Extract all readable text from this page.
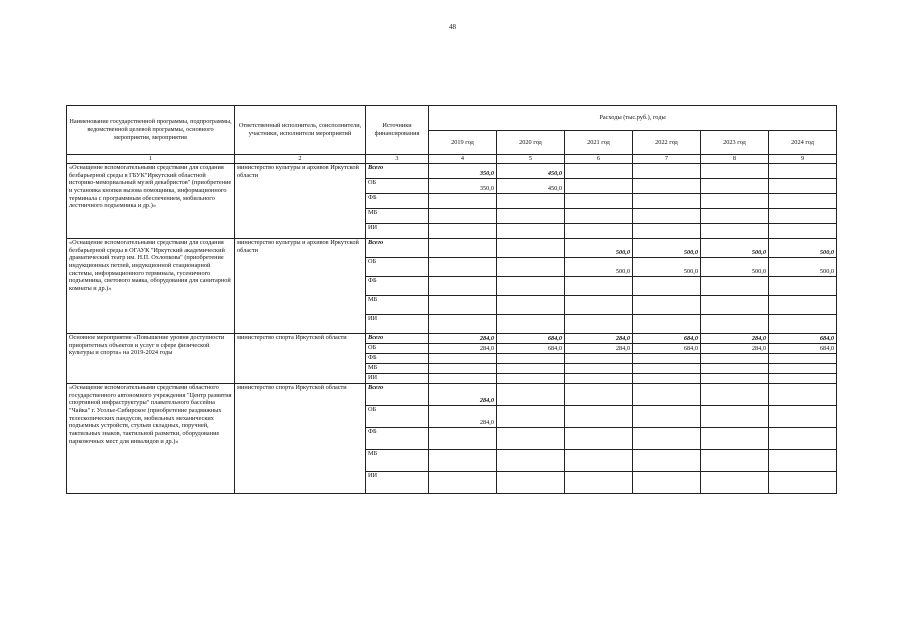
48
Наименование государственной программы, подпрограммы, ведомственной целевой программы, основного мероприятия, мероприятия	Ответственный исполнитель, соисполнители, участники, исполнители мероприятий	Источники финансирования	Расходы (тыс.руб.), годы					
			2019 год	2020 год	2021 год	2022 год	2023 год	2024 год
1	2	3	4	5	6	7	8	9
«Оснащение вспомогательными средствами для создания безбарьерной среды в ГБУК"Иркутский областной историко-мемориальный музей декабристов" (приобретение и установка кнопки вызова помощника, информационного терминала с программным обеспечением, мобильного лестничного подъемника и др.)»	министерство культуры и архивов Иркутской области	Всего	350,0	450,0				
		ОБ	350,0	450,0				
		ФБ						
		МБ						
		ИИ						
«Оснащение вспомогательными средствами для создания безбарьерной среды в ОГАУК "Иркутский академический драматический театр им. Н.П. Охлопкова" (приобретение индукционных петлей, индукционной стационарной системы, информационного терминала, гусеничного подъемника, светового маяка, оборудования для санитарной комнаты и др.)»	министерство культуры и архивов Иркутской области	Всего			500,0	500,0	500,0	500,0
		ОБ			500,0	500,0	500,0	500,0
		ФБ						
		МБ						
		ИИ						
Основное мероприятие «Повышение уровня доступности приоритетных объектов и услуг в сфере физической культуры и спорта» на 2019-2024 годы	министерство спорта Иркутской области	Всего	284,0	684,0	284,0	684,0	284,0	684,0
		ОБ	284,0	684,0	284,0	684,0	284,0	684,0
		ФБ						
		МБ						
		ИИ						
«Оснащение вспомогательными средствами областного государственного автономного учреждения "Центр развития спортивной инфраструктуры" плавательного бассейна "Чайка" г. Усолье-Сибирское (приобретение раздвижных телескопических пандусов, мобильных механических подъемных устройств, стульев складных, поручней, тактильных знаков, тактильной разметки, оборудование парковочных мест для инвалидов и др.)»	министерство спорта Иркутской области	Всего	284,0					
		ОБ	284,0					
		ФБ						
		МБ						
		ИИ						
